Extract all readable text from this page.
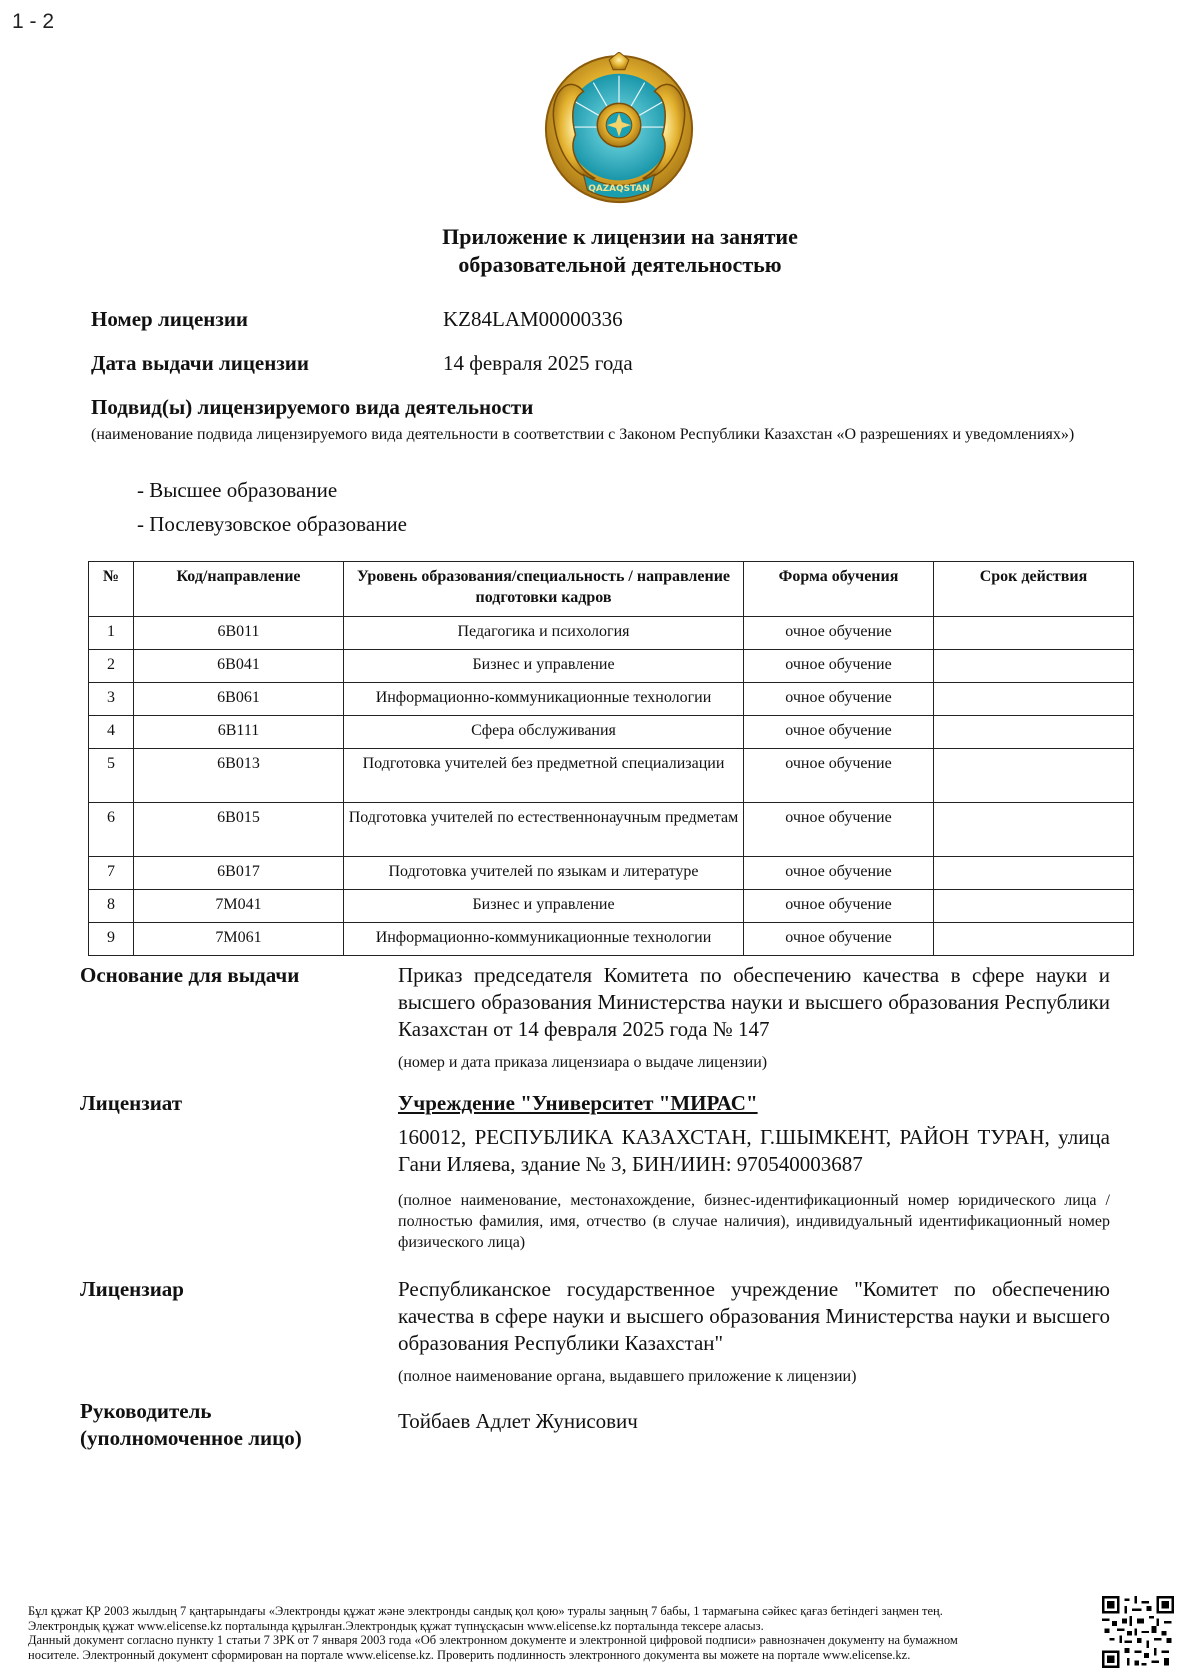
1 - 2
QAZAQSTAN
Приложение к лицензии на занятие
образовательной деятельностью
Номер лицензии	KZ84LAM00000336
Дата выдачи лицензии	14 февраля 2025 года
Подвид(ы) лицензируемого вида деятельности
(наименование подвида лицензируемого вида деятельности в соответствии с Законом Республики Казахстан «О разрешениях и уведомлениях»)
- Высшее образование
- Послевузовское образование
№	Код/направление	Уровень образования/специальность / направление подготовки кадров	Форма обучения	Срок действия
1	6B011	Педагогика и психология	очное обучение	
2	6B041	Бизнес и управление	очное обучение	
3	6B061	Информационно-коммуникационные технологии	очное обучение	
4	6B111	Сфера обслуживания	очное обучение	
5	6B013	Подготовка учителей без предметной специализации	очное обучение	
6	6B015	Подготовка учителей по естественнонаучным предметам	очное обучение	
7	6B017	Подготовка учителей по языкам и литературе	очное обучение	
8	7M041	Бизнес и управление	очное обучение	
9	7M061	Информационно-коммуникационные технологии	очное обучение	
Основание для выдачи	Приказ председателя Комитета по обеспечению качества в сфере науки и высшего образования Министерства науки и высшего образования Республики Казахстан от 14 февраля 2025 года № 147
(номер и дата приказа лицензиара о выдаче лицензии)
Лицензиат	Учреждение "Университет "МИРАС"
160012, РЕСПУБЛИКА КАЗАХСТАН, Г.ШЫМКЕНТ, РАЙОН ТУРАН, улица Гани Иляева, здание № 3, БИН/ИИН: 970540003687
(полное наименование, местонахождение, бизнес-идентификационный номер юридического лица / полностью фамилия, имя, отчество (в случае наличия), индивидуальный идентификационный номер физического лица)
Лицензиар	Республиканское государственное учреждение "Комитет по обеспечению качества в сфере науки и высшего образования Министерства науки и высшего образования Республики Казахстан"
(полное наименование органа, выдавшего приложение к лицензии)
Руководитель
(уполномоченное лицо)
Тойбаев Адлет Жунисович
Бұл құжат ҚР 2003 жылдың 7 қаңтарындағы «Электронды құжат және электронды сандық қол қою» туралы заңның 7 бабы, 1 тармағына сәйкес қағаз бетіндегі заңмен тең.
Электрондық құжат www.elicense.kz порталында құрылған.Электрондық құжат түпнұсқасын www.elicense.kz порталында тексере аласыз.
Данный документ согласно пункту 1 статьи 7 ЗРК от 7 января 2003 года «Об электронном документе и электронной цифровой подписи» равнозначен документу на бумажном
носителе. Электронный документ сформирован на портале www.elicense.kz. Проверить подлинность электронного документа вы можете на портале www.elicense.kz.
